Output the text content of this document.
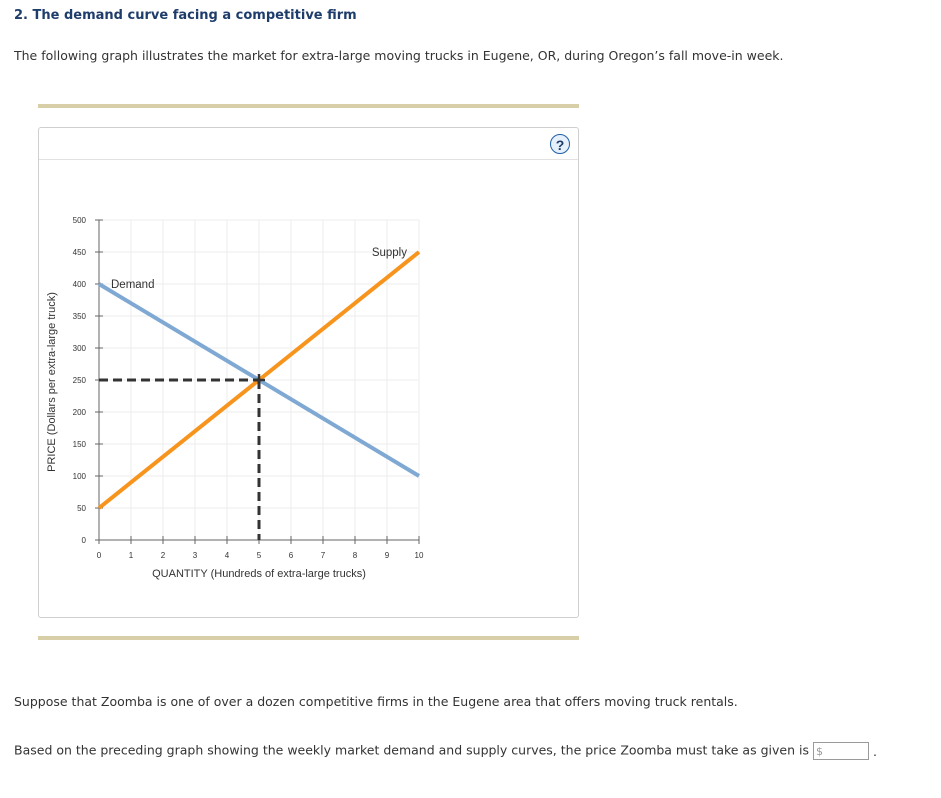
2. The demand curve facing a competitive firm
The following graph illustrates the market for extra-large moving trucks in Eugene, OR, during Oregon’s fall move-in week.
?
0
50
100
150
200
250
300
350
400
450
500
0	1	2	3	4	5	6	7	8	9	10
QUANTITY (Hundreds of extra-large trucks)
PRICE (Dollars per extra-large truck)
Demand
Supply
Suppose that Zoomba is one of over a dozen competitive firms in the Eugene area that offers moving truck rentals.
Based on the preceding graph showing the weekly market demand and supply curves, the price Zoomba must take as given is $	.
